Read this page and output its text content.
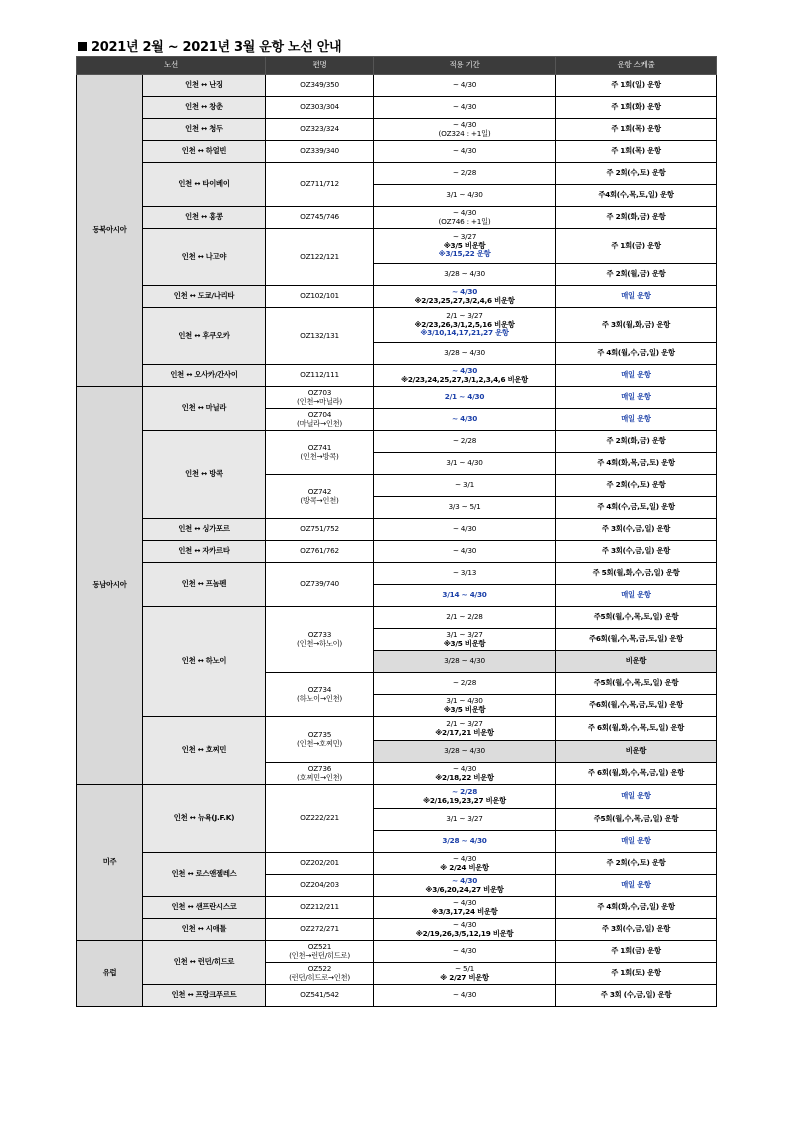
2021년 2월 ~ 2021년 3월 운항 노선 안내
노선		편명	적용 기간	운항 스케줄
동북아시아	인천 ↔ 난징	OZ349/350	~ 4/30	주 1회(일) 운항
	인천 ↔ 창춘	OZ303/304	~ 4/30	주 1회(화) 운항
	인천 ↔ 청두	OZ323/324	~ 4/30
(OZ324 : +1일)	주 1회(목) 운항
	인천 ↔ 하얼빈	OZ339/340	~ 4/30	주 1회(목) 운항
	인천 ↔ 타이베이	OZ711/712	~ 2/28	주 2회(수,토) 운항
			3/1 ~ 4/30	주4회(수,목,토,일) 운항
	인천 ↔ 홍콩	OZ745/746	~ 4/30
(OZ746 : +1일)	주 2회(화,금) 운항
	인천 ↔ 나고야	OZ122/121	~ 3/27
※3/5 비운항
※3/15,22 운항	주 1회(금) 운항
			3/28 ~ 4/30	주 2회(월,금) 운항
	인천 ↔ 도쿄/나리타	OZ102/101	~ 4/30
※2/23,25,27,3/2,4,6 비운항	매일 운항
	인천 ↔ 후쿠오카	OZ132/131	2/1 ~ 3/27
※2/23,26,3/1,2,5,16 비운항
※3/10,14,17,21,27 운항	주 3회(월,화,금) 운항
			3/28 ~ 4/30	주 4회(월,수,금,일) 운항
	인천 ↔ 오사카/간사이	OZ112/111	~ 4/30
※2/23,24,25,27,3/1,2,3,4,6 비운항	매일 운항
동남아시아	인천 ↔ 마닐라	OZ703
(인천→마닐라)	2/1 ~ 4/30	매일 운항

		OZ704
(마닐라→인천)	~ 4/30	매일 운항
	인천 ↔ 방콕	OZ741
(인천→방콕)	~ 2/28	주 2회(화,금) 운항
			3/1 ~ 4/30	주 4회(화,목,금,토) 운항

		OZ742
(방콕→인천)	~ 3/1	주 2회(수,토) 운항
			3/3 ~ 5/1	주 4회(수,금,토,일) 운항
	인천 ↔ 싱가포르	OZ751/752	~ 4/30	주 3회(수,금,일) 운항
	인천 ↔ 자카르타	OZ761/762	~ 4/30	주 3회(수,금,일) 운항
	인천 ↔ 프놈펜	OZ739/740	~ 3/13	주 5회(월,화,수,금,일) 운항
			3/14 ~ 4/30	매일 운항
	인천 ↔ 하노이	OZ733
(인천→하노이)	2/1 ~ 2/28	주5회(월,수,목,토,일) 운항

			3/1 ~ 3/27
※3/5 비운항	주6회(월,수,목,금,토,일) 운항
			3/28 ~ 4/30	비운항

		OZ734
(하노이→인천)	~ 2/28	주5회(월,수,목,토,일) 운항

			3/1 ~ 4/30
※3/5 비운항	주6회(월,수,목,금,토,일) 운항
	인천 ↔ 호찌민	OZ735
(인천→호찌민)	2/1 ~ 3/27
※2/17,21 비운항	주 6회(월,화,수,목,토,일) 운항
			3/28 ~ 4/30	비운항

		OZ736
(호찌민→인천)	~ 4/30
※2/18,22 비운항	주 6회(월,화,수,목,금,일) 운항
미주	인천 ↔ 뉴욕(J.F.K)	OZ222/221	~ 2/28
※2/16,19,23,27 비운항	매일 운항
			3/1 ~ 3/27	주5회(월,수,목,금,일) 운항
			3/28 ~ 4/30	매일 운항
	인천 ↔ 로스앤젤레스	OZ202/201	~ 4/30
※ 2/24 비운항	주 2회(수,토) 운항
		OZ204/203	~ 4/30
※3/6,20,24,27 비운항	매일 운항
	인천 ↔ 샌프란시스코	OZ212/211	~ 4/30
※3/3,17,24 비운항	주 4회(화,수,금,일) 운항
	인천 ↔ 시애틀	OZ272/271	~ 4/30
※2/19,26,3/5,12,19 비운항	주 3회(수,금,일) 운항
유럽	인천 ↔ 런던/히드로	OZ521
(인천→런던/히드로)	~ 4/30	주 1회(금) 운항

		OZ522
(런던/히드로→인천)	~ 5/1
※ 2/27 비운항	주 1회(토) 운항
	인천 ↔ 프랑크푸르트	OZ541/542	~ 4/30	주 3회 (수,금,일) 운항
